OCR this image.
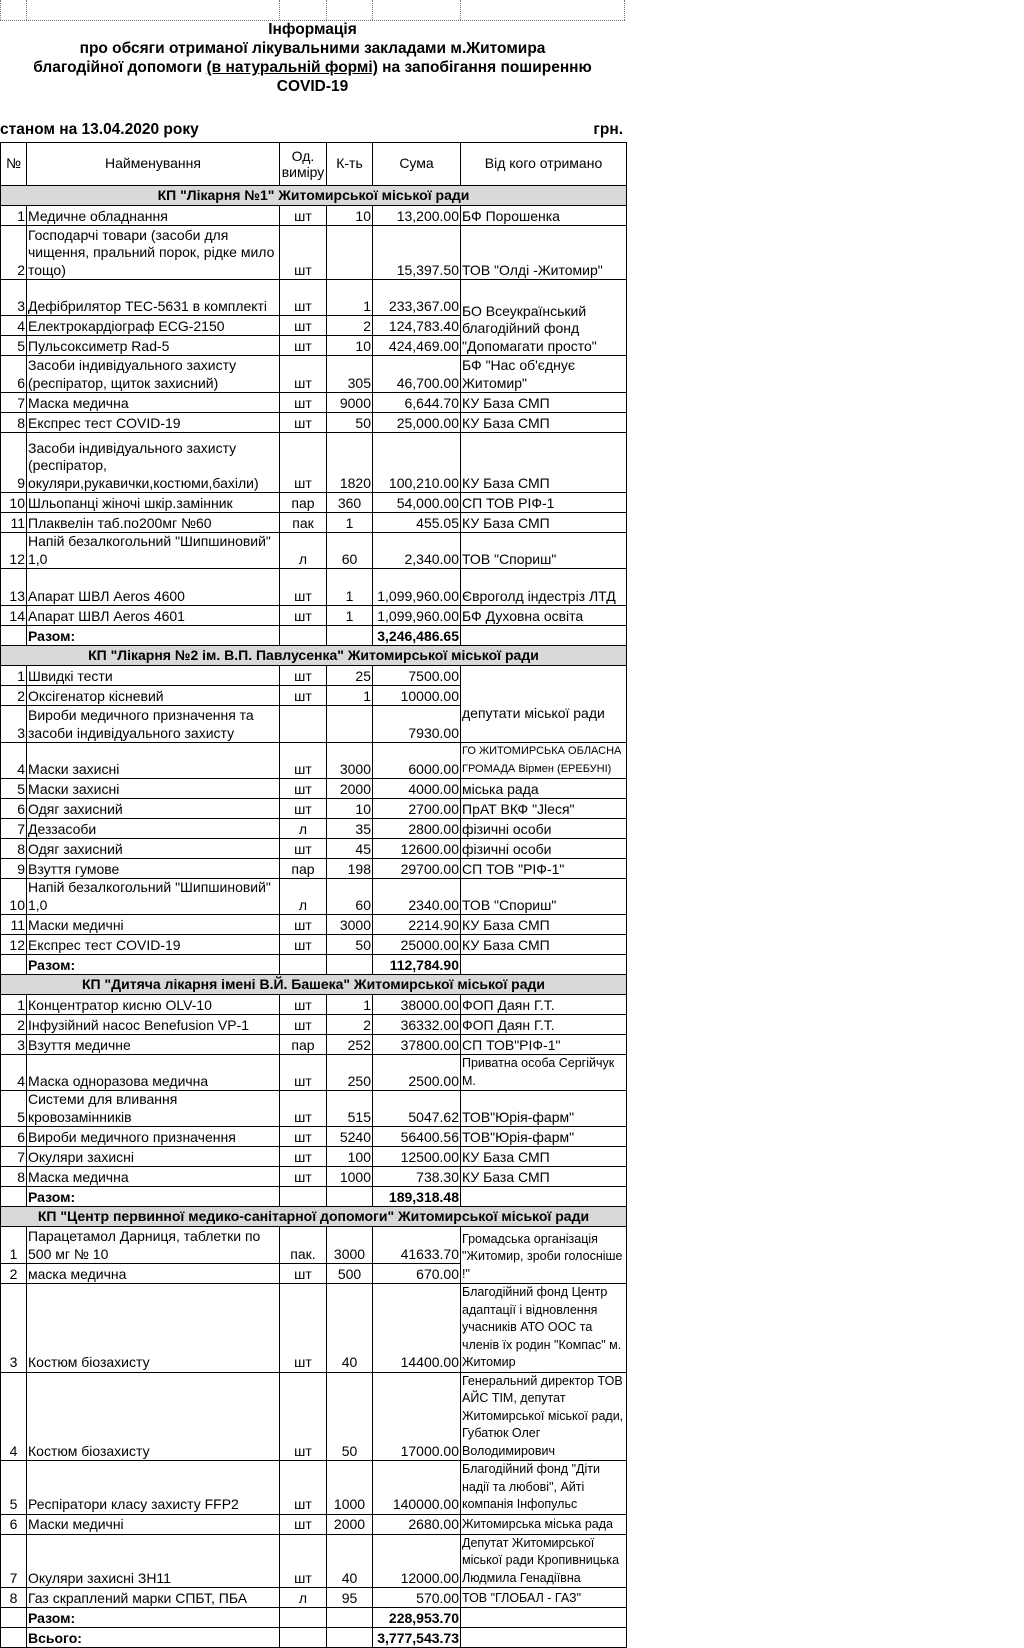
Інформація
про обсяги отриманої лікувальними закладами м.Житомира
благодійної допомоги (в натуральній формі) на запобігання поширенню
COVID-19
станом на 13.04.2020 року	грн.
№	Найменування	Од. виміру	К-ть	Сума	Від кого отримано
КП "Лікарня №1" Житомирської міської ради					
1	Медичне обладнання	шт	10	13,200.00	БФ Порошенка
2	Господарчі товари (засоби для чищення, пральний порок, рідке мило тощо)	шт		15,397.50	ТОВ "Олді -Житомир"
3	Дефібрилятор ТЕС-5631 в комплекті	шт	1	233,367.00	БО Всеукраїнський благодійний фонд "Допомагати просто"
4	Електрокардіограф ECG-2150	шт	2	124,783.40	
5	Пульсоксиметр Rad-5	шт	10	424,469.00	
6	Засоби індивідуального захисту (респіратор, щиток захисний)	шт	305	46,700.00	БФ "Нас об'єднує Житомир"
7	Маска медична	шт	9000	6,644.70	КУ База СМП
8	Експрес тест COVID-19	шт	50	25,000.00	КУ База СМП
9	Засоби індивідуального захисту (респіратор, окуляри,рукавички,костюми,бахіли)	шт	1820	100,210.00	КУ База СМП
10	Шльопанці жіночі шкір.замінник	пар	360	54,000.00	СП ТОВ РІФ-1
11	Плаквелін таб.по200мг №60	пак	1	455.05	КУ База СМП
12	Напій безалкогольний "Шипшиновий" 1,0	л	60	2,340.00	ТОВ "Спориш"
13	Апарат ШВЛ Aeros 4600	шт	1	1,099,960.00	Євроголд індестріз ЛТД
14	Апарат ШВЛ Aeros 4601	шт	1	1,099,960.00	БФ Духовна освіта
	Разом:			3,246,486.65	
КП "Лікарня №2 ім. В.П. Павлусенка" Житомирської міської ради					
1	Швидкі тести	шт	25	7500.00	депутати міської ради
2	Оксігенатор кісневий	шт	1	10000.00	
3	Вироби медичного призначення та засоби індивідуального захисту			7930.00	
4	Маски захисні	шт	3000	6000.00	ГО ЖИТОМИРСЬКА ОБЛАСНА ГРОМАДА Вірмен (ЕРЕБУНІ)
5	Маски захисні	шт	2000	4000.00	міська рада
6	Одяг захисний	шт	10	2700.00	ПрАТ ВКФ "Jleся"
7	Деззасоби	л	35	2800.00	фізичні особи
8	Одяг захисний	шт	45	12600.00	фізичні особи
9	Взуття гумове	пар	198	29700.00	СП ТОВ "РІФ-1"
10	Напій безалкогольний "Шипшиновий" 1,0	л	60	2340.00	ТОВ "Спориш"
11	Маски медичні	шт	3000	2214.90	КУ База СМП
12	Експрес тест COVID-19	шт	50	25000.00	КУ База СМП
	Разом:			112,784.90	
КП "Дитяча лікарня імені В.Й. Башека" Житомирської міської ради					
1	Концентратор кисню OLV-10	шт	1	38000.00	ФОП Даян Г.Т.
2	Інфузійний насос Benefusion VP-1	шт	2	36332.00	ФОП Даян Г.Т.
3	Взуття медичне	пар	252	37800.00	СП ТОВ"РІФ-1"
4	Маска одноразова медична	шт	250	2500.00	Приватна особа Сергійчук М.
5	Системи для вливання кровозамінників	шт	515	5047.62	ТОВ"Юрія-фарм"
6	Вироби медичного призначення	шт	5240	56400.56	ТОВ"Юрія-фарм"
7	Окуляри захисні	шт	100	12500.00	КУ База СМП
8	Маска медична	шт	1000	738.30	КУ База СМП
	Разом:			189,318.48	
КП "Центр первинної медико-санітарної допомоги" Житомирської міської ради					
1	Парацетамол Дарниця, таблетки по 500 мг № 10	пак.	3000	41633.70	Громадська організація "Житомир, зроби голосніше !"
2	маска медична	шт	500	670.00	
3	Костюм біозахисту	шт	40	14400.00	Благодійний фонд Центр адаптації і відновлення учасників АТО ООС та членів їх родин "Компас" м. Житомир
4	Костюм біозахисту	шт	50	17000.00	Генеральний директор ТОВ АЙС ТІМ, депутат Житомирської міської ради, Губатюк Олег Володимирович
5	Респіратори класу захисту FFP2	шт	1000	140000.00	Благодійний фонд "Діти надії та любові", Айті компанія Інфопульс
6	Маски медичні	шт	2000	2680.00	Житомирська міська рада
7	Окуляри захисні ЗН11	шт	40	12000.00	Депутат Житомирської міської ради Кропивницька Людмила Генадіївна
8	Газ скраплений марки СПБТ, ПБА	л	95	570.00	ТОВ "ГЛОБАЛ - ГАЗ"
	Разом:			228,953.70	
	Всього:			3,777,543.73	
